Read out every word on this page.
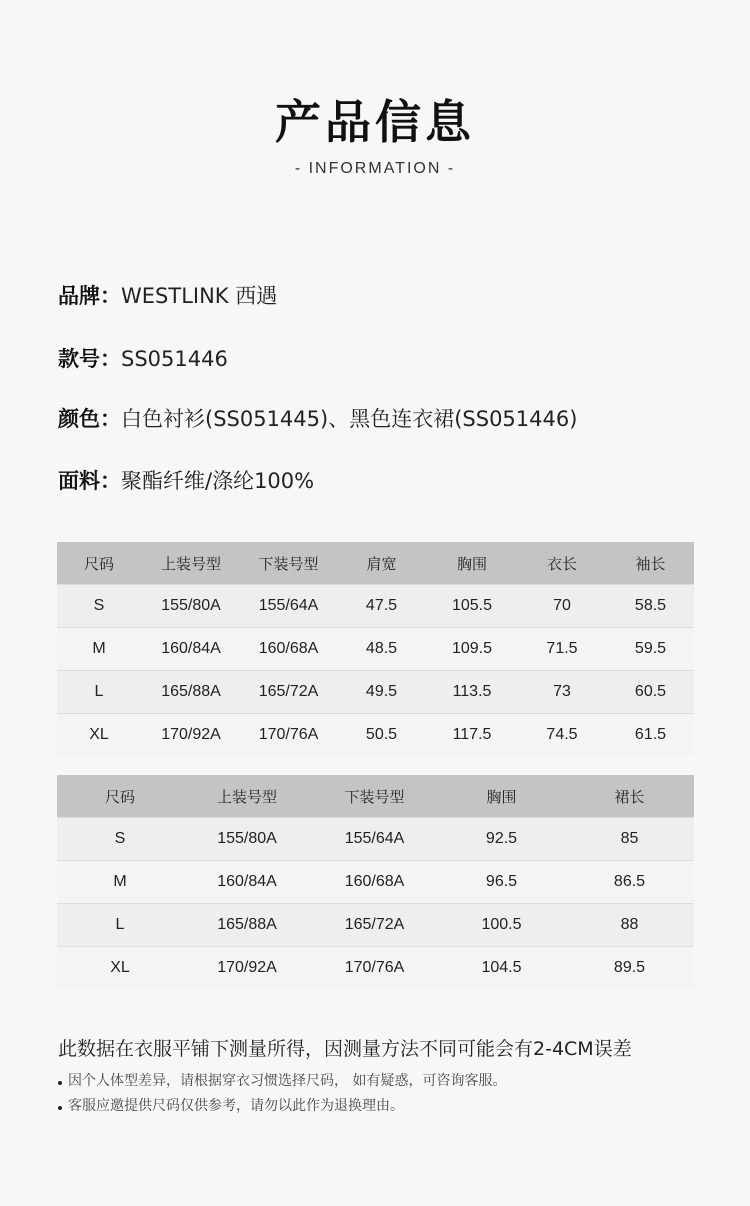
产品信息
- INFORMATION -
品牌：WESTLINK 西遇
款号：SS051446
颜色：白色衬衫(SS051445)、黑色连衣裙(SS051446)
面料：聚酯纤维/涤纶100%
尺码	上装号型	下装号型	肩宽	胸围	衣长	袖长
S	155/80A	155/64A	47.5	105.5	70	58.5
M	160/84A	160/68A	48.5	109.5	71.5	59.5
L	165/88A	165/72A	49.5	113.5	73	60.5
XL	170/92A	170/76A	50.5	117.5	74.5	61.5
尺码	上装号型	下装号型	胸围	裙长
S	155/80A	155/64A	92.5	85
M	160/84A	160/68A	96.5	86.5
L	165/88A	165/72A	100.5	88
XL	170/92A	170/76A	104.5	89.5
此数据在衣服平铺下测量所得，因测量方法不同可能会有2-4CM误差
因个人体型差异，请根据穿衣习惯选择尺码， 如有疑惑，可咨询客服。
客服应邀提供尺码仅供参考，请勿以此作为退换理由。
